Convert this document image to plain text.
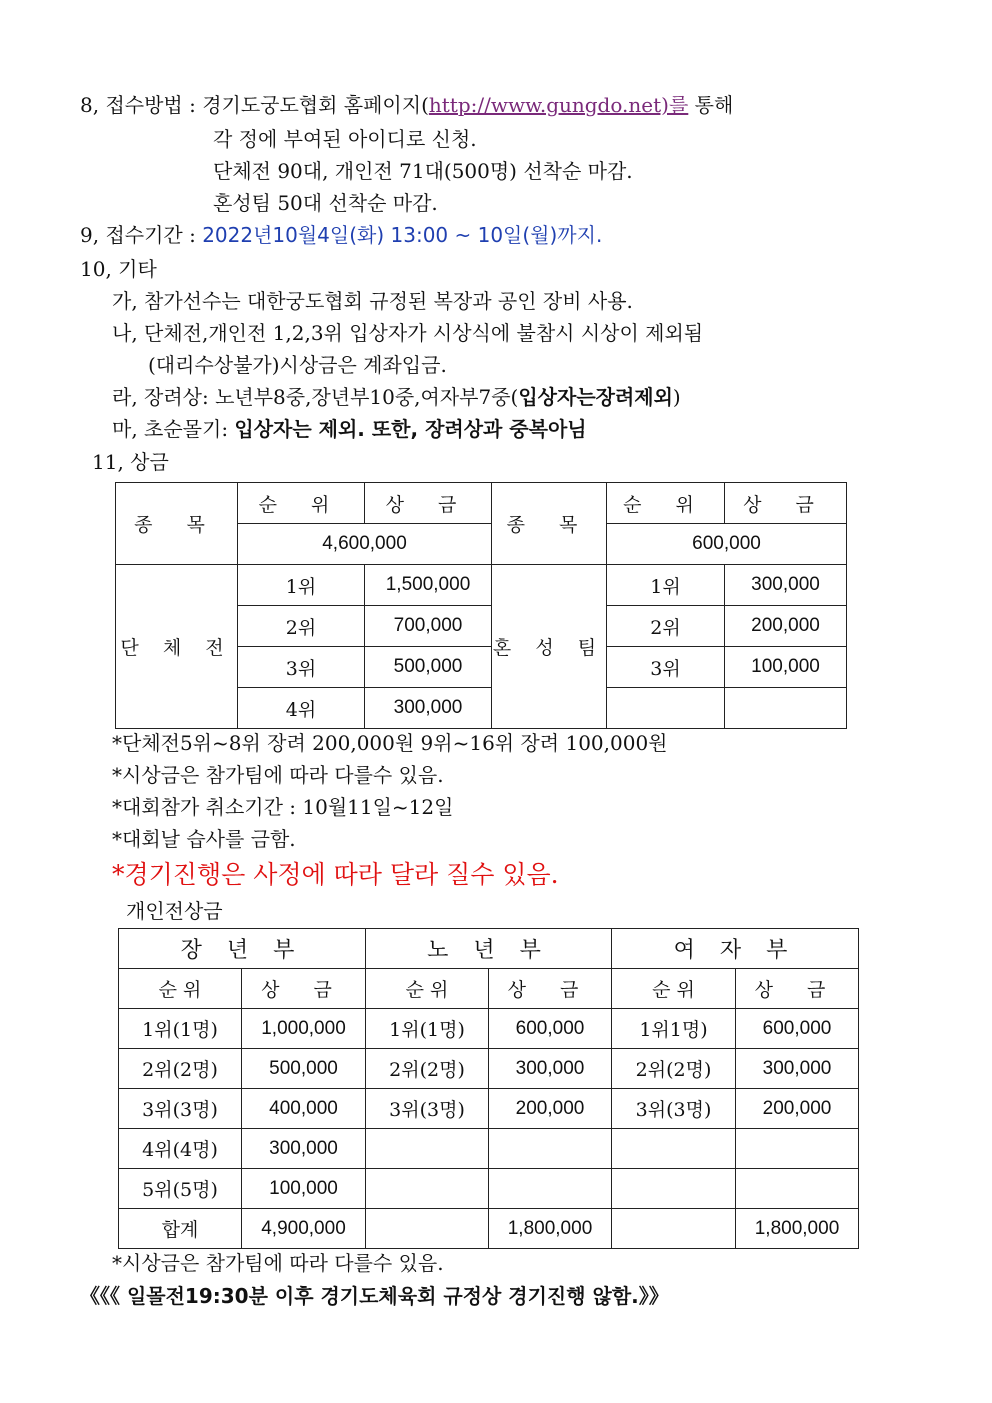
8, 접수방법 : 경기도궁도협회 홈페이지(http://www.gungdo.net)를 통해
각 정에 부여된 아이디로 신청.
단체전 90대, 개인전 71대(500명) 선착순 마감.
혼성팀 50대 선착순 마감.
9, 접수기간 : 2022년10월4일(화) 13:00 ~ 10일(월)까지.
10, 기타
가, 참가선수는 대한궁도협회 규정된 복장과 공인 장비 사용.
나, 단체전,개인전 1,2,3위 입상자가 시상식에 불참시 시상이 제외됨
(대리수상불가)시상금은 계좌입금.
라, 장려상: 노년부8중,장년부10중,여자부7중(입상자는장려제외)
마, 초순몰기: 입상자는 제외. 또한, 장려상과 중복아님
11, 상금
종 목	순 위	상 금	종 목	순 위	상 금
	4,600,000			600,000	
단 체 전	1위	1,500,000	혼 성 팀	1위	300,000
	2위	700,000		2위	200,000
	3위	500,000		3위	100,000
	4위	300,000			
*단체전5위~8위 장려 200,000원 9위~16위 장려 100,000원
*시상금은 참가팀에 따라 다를수 있음.
*대회참가 취소기간 : 10월11일~12일
*대회날 습사를 금함.
*경기진행은 사정에 따라 달라 질수 있음.
개인전상금
장 년 부		노 년 부		여 자 부	
순 위	상 금	순 위	상 금	순 위	상 금
1위(1명)	1,000,000	1위(1명)	600,000	1위1명)	600,000
2위(2명)	500,000	2위(2명)	300,000	2위(2명)	300,000
3위(3명)	400,000	3위(3명)	200,000	3위(3명)	200,000
4위(4명)	300,000				
5위(5명)	100,000				
합계	4,900,000		1,800,000		1,800,000
*시상금은 참가팀에 따라 다를수 있음.
《《《 일몰전19:30분 이후 경기도체육회 규정상 경기진행 않함.》》
